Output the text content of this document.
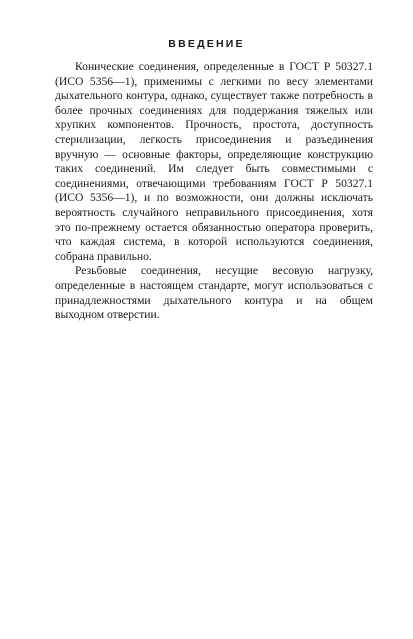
ВВЕДЕНИЕ

Конические соединения, определенные в ГОСТ Р 50327.1 (ИСО 5356—1), применимы с легкими по весу элементами дыхательного контура, однако, существует также потребность в более прочных соединениях для поддержания тяжелых или хрупких компонентов. Прочность, простота, доступность стерилизации, легкость присоединения и разъединения вручную — основные факторы, определяющие конструкцию таких соединений. Им следует быть совместимыми с соединениями, отвечающими требованиям ГОСТ Р 50327.1 (ИСО 5356—1), и по возможности, они должны исключать вероятность случайного неправильного присоединения, хотя это по-прежнему остается обязанностью оператора проверить, что каждая система, в которой используются соединения, собрана правильно.

Резьбовые соединения, несущие весовую нагрузку, определенные в настоящем стандарте, могут использоваться с принадлежностями дыхательного контура и на общем выходном отверстии.
